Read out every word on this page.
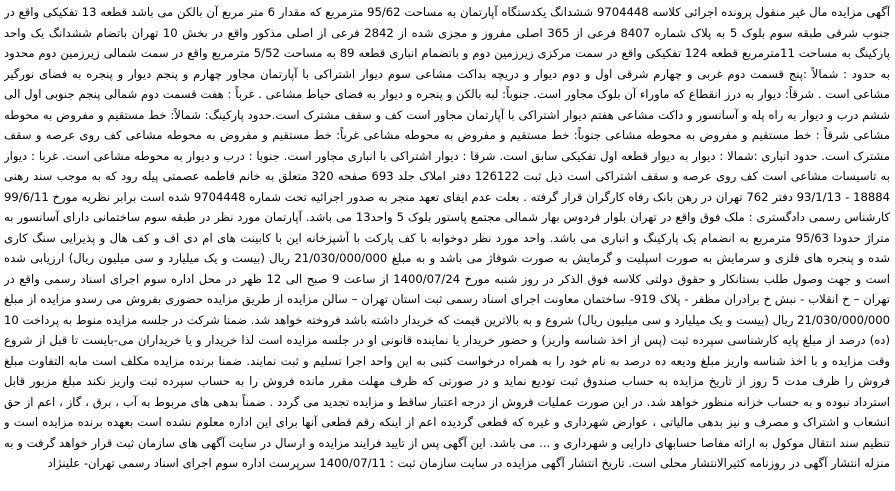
آگهی مزایده مال غیر منقول پرونده اجرائی کلاسه 9704448 ششدانگ یکدستگاه آپارتمان به مساحت 95/62 مترمربع که مقدار 6 متر مربع آن بالکن می باشد قطعه 13 تفکیکی واقع در جنوب شرقی طبقه سوم بلوک 5 به پلاک شماره 8407 فرعی از 365 اصلی مفروز و مجزی شده از 2842 فرعی از اصلی مذکور واقع در بخش 10 تهران باتضام ششدانگ یک واحد پارکینگ به مساحت 11مترمربع قطعه 124 تفکیکی واقع در سمت مرکزی زیرزمین دوم و باتضمام انباری قطعه 89 به مساحت 5/52 مترمربع واقع در سمت شمالی زیرزمین دوم محدود به حدود : شمالاً :پنج قسمت دوم غربی و چهارم شرقی اول و دوم دیوار و دریچه بداکت مشاعی سوم دیوار اشتراکی با آپارتمان مجاور چهارم و پنجم دیوار و پنجره به فضای نورگیر مشاعی است . شرقاً: دیوار به درز انقطاع که ماوراء آن بلوک مجاور است. جنوباً: لبه بالکن و پنجره و دیوار به فضای حیاط مشاعی . غرباً : هفت قسمت دوم شمالی پنجم جنوبی اول الی ششم درب و دیوار به راه پله و آسانسور و داکت مشاعی هفتم دیوار اشتراکی با آپارتمان مجاور است کف و سقف مشترک است.حدود پارکینگ: شمالاً: خط مستقیم و مفروض به محوطه مشاعی شرقاً : خط مستقیم و مفروض به محوطه مشاعی جنوباً: خط مستقیم و مفروض به محوطه مشاعی غرباً: خط مستقیم و مفروض به محوطه مشاعی کف روی عرصه و سقف مشترک است. حدود انباری :شمالا : دیوار به دیوار قطعه اول تفکیکی سابق است. شرقا : دیوار اشتراکی با انباری مجاور است. جنوبا : درب و دیوار به محوطه مشاعی است. غربا : دیوار به تاسیسات مشاعی است کف روی عرصه و سقف اشتراکی است ذیل ثبت 126122 دفتر املاک جلد 693 صفحه 320 متعلق به خانم فاطمه عصمتی پیله رود که به موجب سند رهنی 18884 - 93/1/13 دفتر 762 تهران در رهن بانک رفاه کارگران قرار گرفته . بعلت عدم ایفای تعهد منجر به صدور اجرائیه تحت شماره 9704448 شده است برابر نظریه مورخ 99/6/11 کارشناس رسمی دادگستری : ملک فوق واقع در تهران بلوار فردوس بهار شمالی مجتمع پاستور بلوک 5 واحد13 می باشد. آپارتمان مورد نظر در طبقه سوم ساختمانی دارای آسانسور به متراژ حدودا 95/63 مترمربع به انضمام یک پارکینگ و انباری می باشد. واحد مورد نظر دوخوابه با کف پارکت با آشپزخانه این با کابینت های ام دی اف و کف هال و پذیرایی سنگ کاری شده و پنجره های فلزی و سرمایش به صورت اسپلیت و گرمایش به صورت شوفاژ می باشد و به مبلغ 21/030/000/000 ریال (بیست و یک میلیارد و سی میلیون ریال) ارزیابی شده است و جهت وصول طلب بستانکار و حقوق دولتی کلاسه فوق الذکر در روز شنبه مورخ 1400/07/24 از ساعت 9 صبح الی 12 ظهر در محل اداره سوم اجرای اسناد رسمی واقع در تهران – خ انقلاب - نبش خ برادران مظفر - پلاک 919- ساختمان معاونت اجرای اسناد رسمی ثبت استان تهران – سالن مزایده از طریق مزایده حضوری بفروش می رسدو مزایده از مبلغ 21/030/000/000 ریال (بیست و یک میلیارد و سی میلیون ریال) شروع و به بالاترین قیمت که خریدار داشته باشد فروخته خواهد شد. ضمنا شرکت در جلسه مزایده منوط به پرداخت 10 (ده) درصد از مبلغ پایه کارشناسی سپرده ثبت (پس از اخذ شناسه واریز) و حضور خریدار یا نماینده قانونی او در جلسه مزایده است لذا خریدار و یا خریداران می-بایست تا قبل از شروع وقت مزایده و با اخذ شناسه واریز مبلغ ودیعه ده درصد به نام خود را به همراه درخواست کتبی به این واحد اجرا تسلیم و ثبت نمایند. ضمنا برنده مزایده مکلف است مابه التفاوت مبلغ فروش را ظرف مدت 5 روز از تاریخ مزایده به حساب صندوق ثبت تودیع نماید و در صورتی که ظرف مهلت مقرر مانده فروش را به حساب سپرده ثبت واریز نکند مبلغ مزبور قابل استرداد نبوده و به حساب خزانه منظور خواهد شد. در این صورت عملیات فروش از درجه اعتبار ساقط و مزایده تجدید می گردد . ضمناً بدهی های مربوط به آب ، برق ، گاز ، اعم از حق انشعاب و اشتراک و مصرف و نیز بدهی مالیاتی ، عوارض شهرداری و غیره که قطعی گردیده اعم از اینکه رقم قطعی آنها برای این اداره معلوم نشده است بعهده برنده مزایده است و تنظیم سند انتقال موکول به ارائه مفاصا حسابهای دارایی و شهرداری و ... می باشد. این آگهی پس از تایید فرایند مزایده و ارسال در سایت آگهی های سازمان ثبت قرار خواهد گرفت و به منزله انتشار آگهی در روزنامه کثیرالانتشار محلی است. تاریخ انتشار آگهی مزایده در سایت سازمان ثبت : 1400/07/11 سرپرست اداره سوم اجرای اسناد رسمی تهران- علینژاد
